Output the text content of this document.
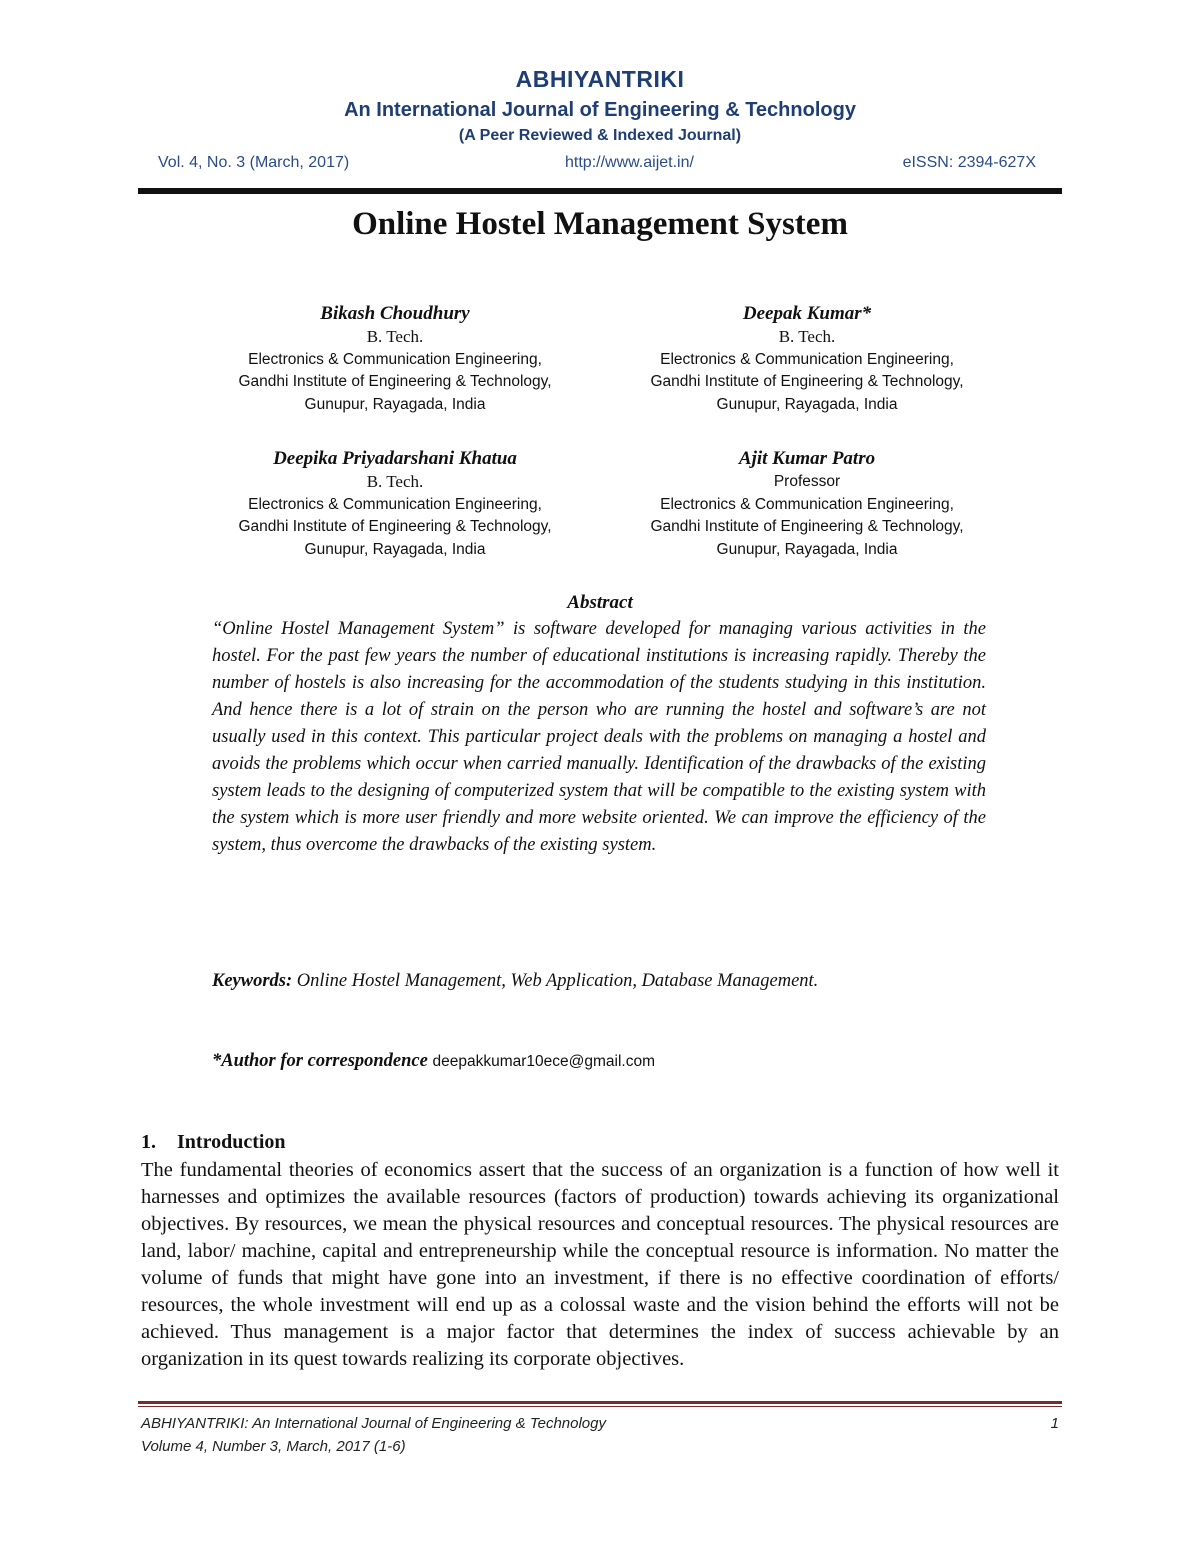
ABHIYANTRIKI
An International Journal of Engineering & Technology
(A Peer Reviewed & Indexed Journal)
Vol. 4, No. 3 (March, 2017)	http://www.aijet.in/	eISSN: 2394-627X
Online Hostel Management System
Bikash Choudhury
B. Tech.
Electronics & Communication Engineering,
Gandhi Institute of Engineering & Technology,
Gunupur, Rayagada, India
Deepak Kumar*
B. Tech.
Electronics & Communication Engineering,
Gandhi Institute of Engineering & Technology,
Gunupur, Rayagada, India
Deepika Priyadarshani Khatua
B. Tech.
Electronics & Communication Engineering,
Gandhi Institute of Engineering & Technology,
Gunupur, Rayagada, India
Ajit Kumar Patro
Professor
Electronics & Communication Engineering,
Gandhi Institute of Engineering & Technology,
Gunupur, Rayagada, India
Abstract
“Online Hostel Management System” is software developed for managing various activities in the hostel. For the past few years the number of educational institutions is increasing rapidly. Thereby the number of hostels is also increasing for the accommodation of the students studying in this institution. And hence there is a lot of strain on the person who are running the hostel and software’s are not usually used in this context. This particular project deals with the problems on managing a hostel and avoids the problems which occur when carried manually. Identification of the drawbacks of the existing system leads to the designing of computerized system that will be compatible to the existing system with the system which is more user friendly and more website oriented. We can improve the efficiency of the system, thus overcome the drawbacks of the existing system.
Keywords: Online Hostel Management, Web Application, Database Management.
*Author for correspondence deepakkumar10ece@gmail.com
1. Introduction
The fundamental theories of economics assert that the success of an organization is a function of how well it harnesses and optimizes the available resources (factors of production) towards achieving its organizational objectives. By resources, we mean the physical resources and conceptual resources. The physical resources are land, labor/ machine, capital and entrepreneurship while the conceptual resource is information. No matter the volume of funds that might have gone into an investment, if there is no effective coordination of efforts/ resources, the whole investment will end up as a colossal waste and the vision behind the efforts will not be achieved. Thus management is a major factor that determines the index of success achievable by an organization in its quest towards realizing its corporate objectives.
ABHIYANTRIKI: An International Journal of Engineering & Technology
Volume 4, Number 3, March, 2017 (1-6)
1
